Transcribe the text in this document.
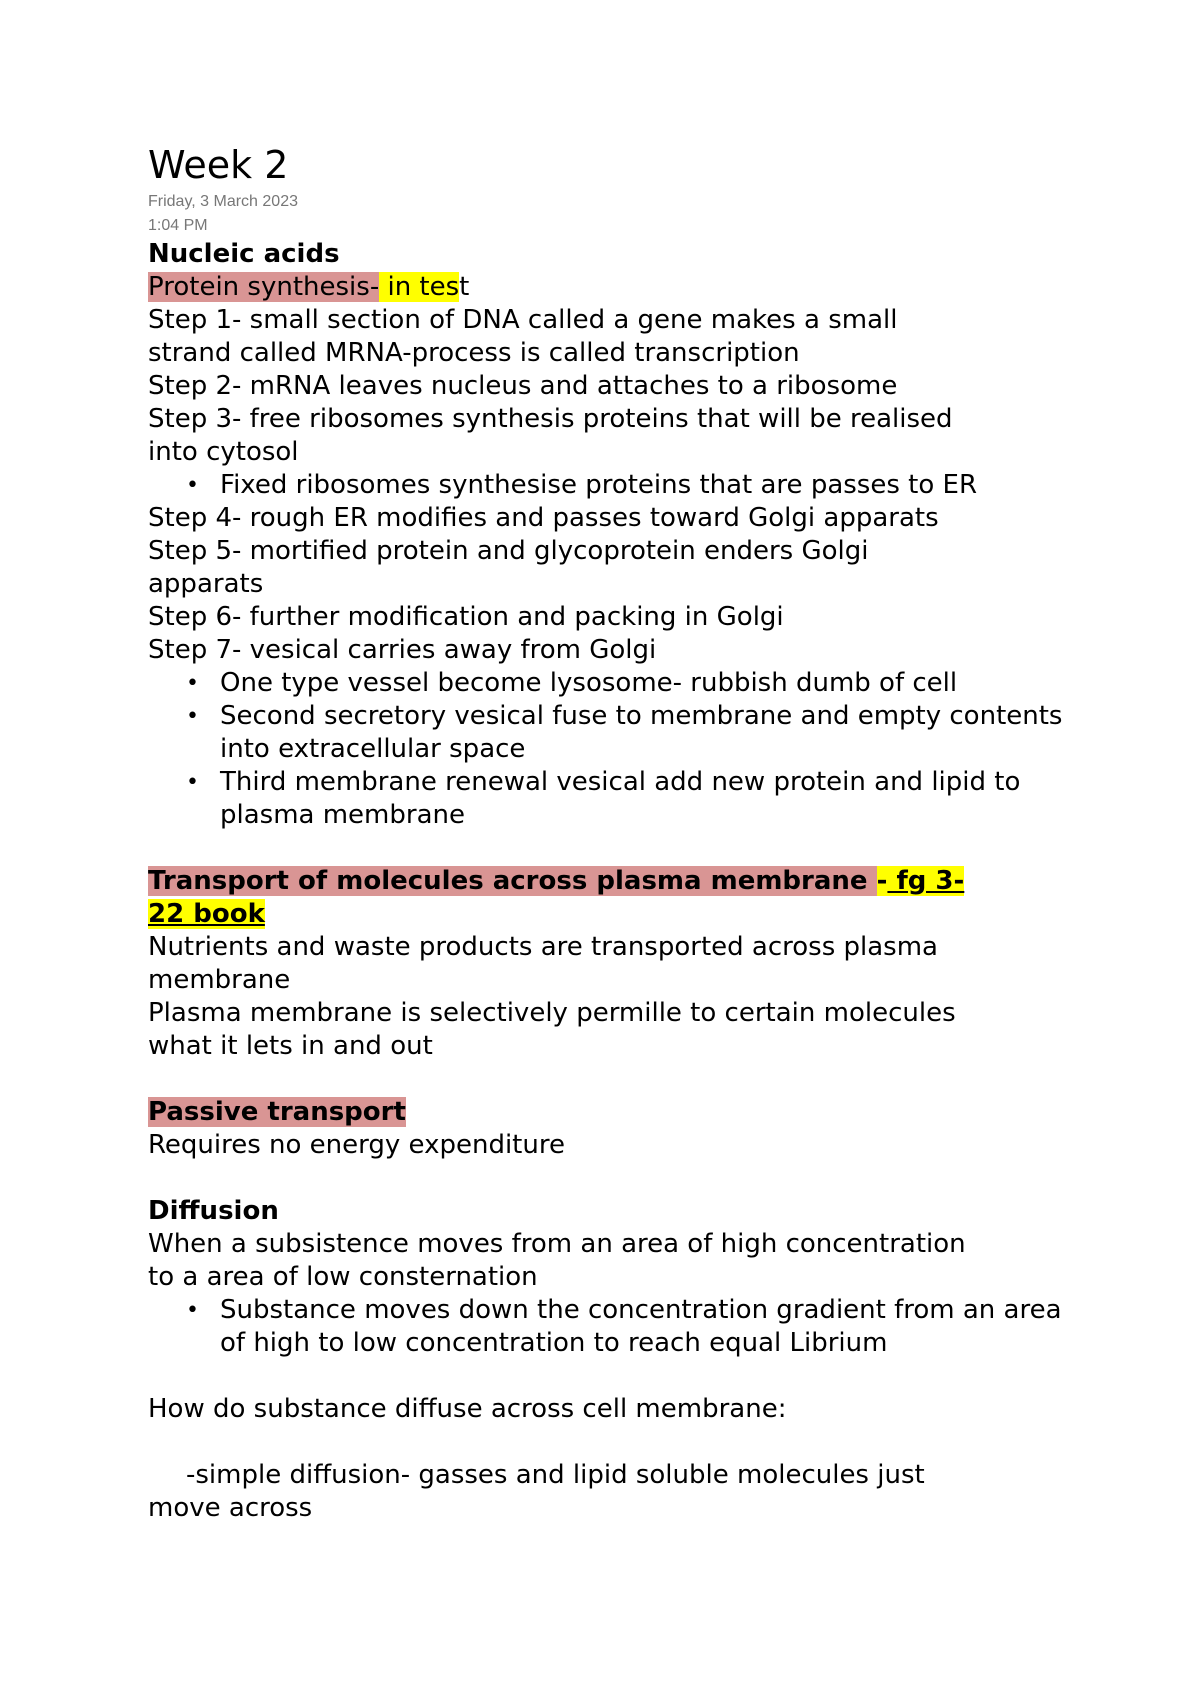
Week 2

Friday, 3 March 2023

1:04 PM

Nucleic acids

Protein synthesis- in test

Step 1- small section of DNA called a gene makes a small

strand called MRNA-process is called transcription

Step 2- mRNA leaves nucleus and attaches to a ribosome

Step 3- free ribosomes synthesis proteins that will be realised

into cytosol

• Fixed ribosomes synthesise proteins that are passes to ER

Step 4- rough ER modifies and passes toward Golgi apparats

Step 5- mortified protein and glycoprotein enders Golgi

apparats

Step 6- further modification and packing in Golgi

Step 7- vesical carries away from Golgi

• One type vessel become lysosome- rubbish dumb of cell
• Second secretory vesical fuse to membrane and empty contents into extracellular space
• Third membrane renewal vesical add new protein and lipid to plasma membrane

Transport of molecules across plasma membrane - fg 3-
22 book

Nutrients and waste products are transported across plasma

membrane

Plasma membrane is selectively permille to certain molecules

what it lets in and out

Passive transport

Requires no energy expenditure

Diffusion

When a subsistence moves from an area of high concentration

to a area of low consternation

• Substance moves down the concentration gradient from an area of high to low concentration to reach equal Librium

How do substance diffuse across cell membrane:

-simple diffusion- gasses and lipid soluble molecules just

move across
